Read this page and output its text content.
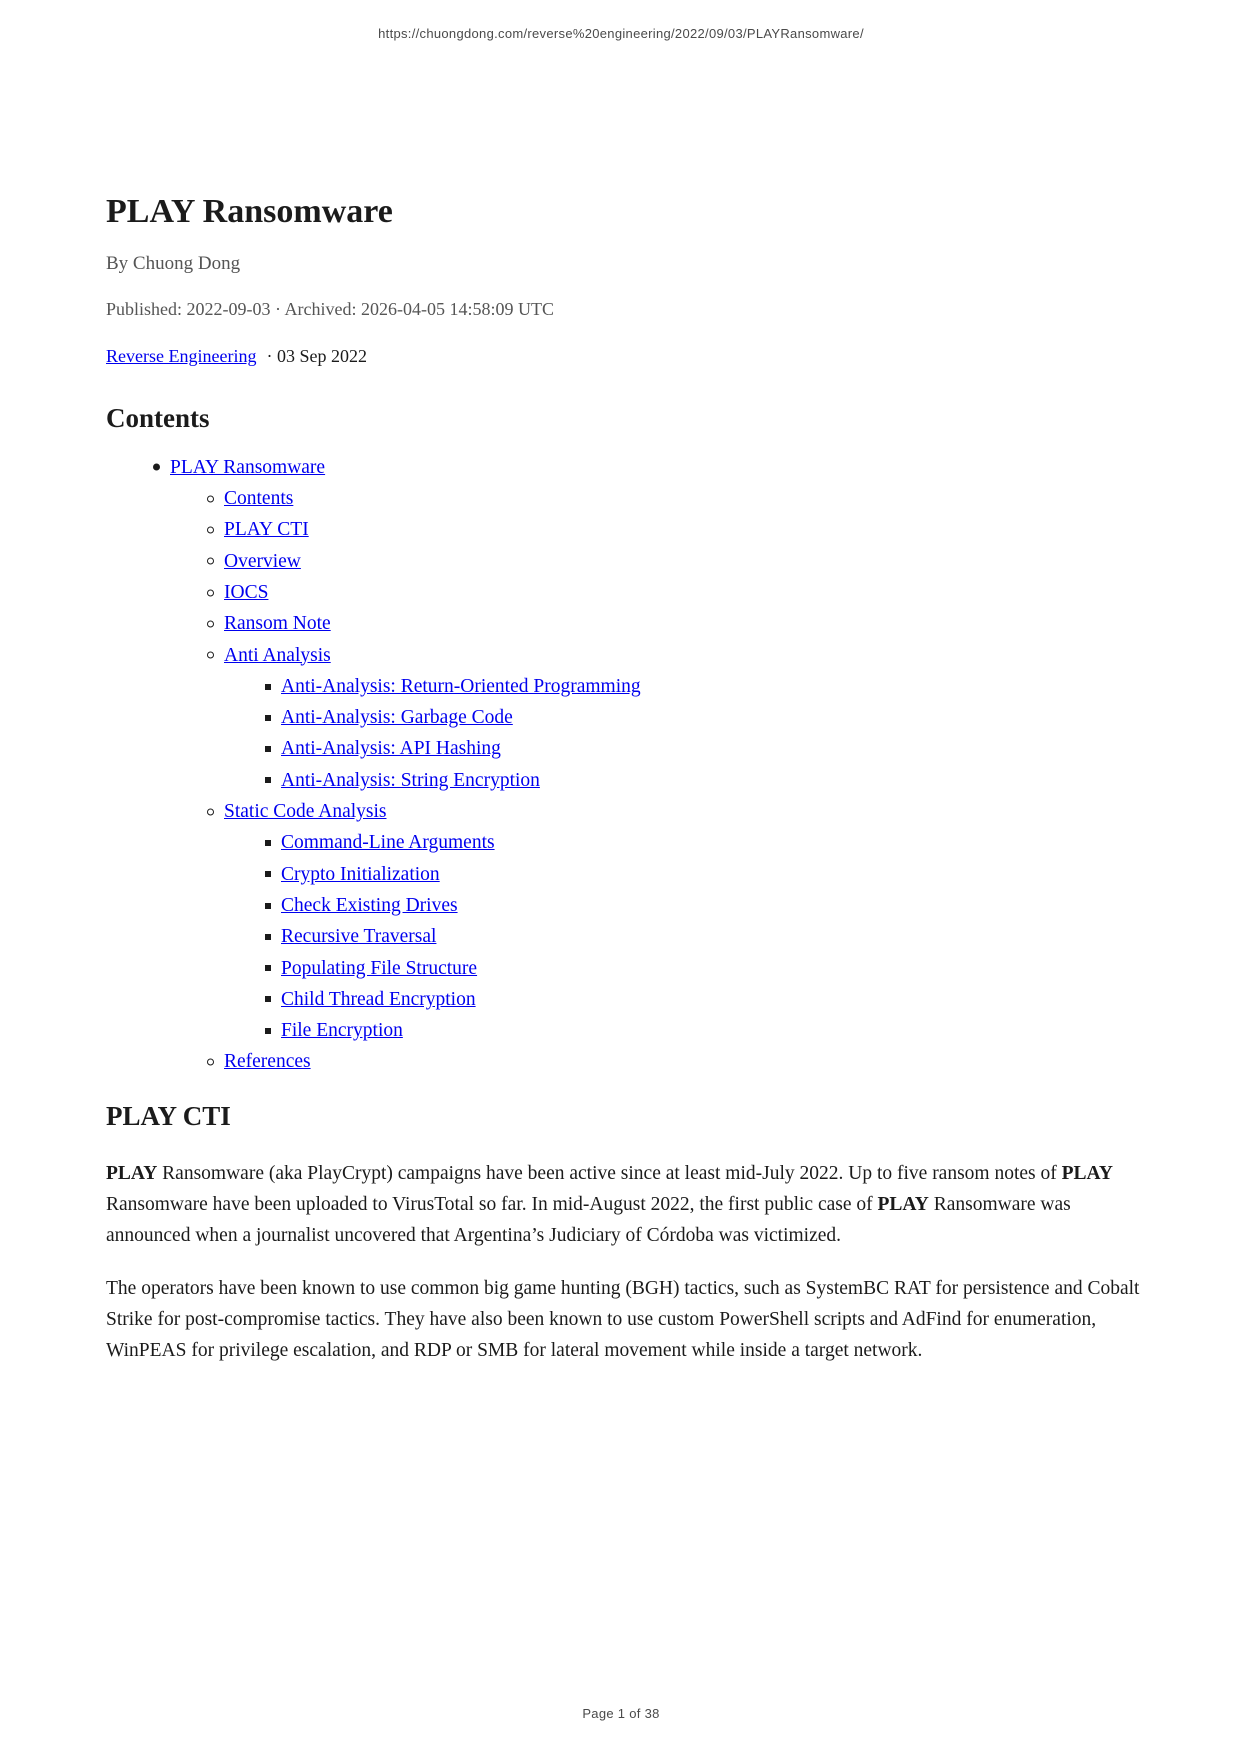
https://chuongdong.com/reverse%20engineering/2022/09/03/PLAYRansomware/
PLAY Ransomware

By Chuong Dong

Published: 2022-09-03 · Archived: 2026-04-05 14:58:09 UTC

Reverse Engineering · 03 Sep 2022

Contents
PLAY Ransomware
Contents
PLAY CTI
Overview
IOCS
Ransom Note
Anti Analysis
Anti-Analysis: Return-Oriented Programming
Anti-Analysis: Garbage Code
Anti-Analysis: API Hashing
Anti-Analysis: String Encryption
Static Code Analysis
Command-Line Arguments
Crypto Initialization
Check Existing Drives
Recursive Traversal
Populating File Structure
Child Thread Encryption
File Encryption
References
PLAY CTI

PLAY Ransomware (aka PlayCrypt) campaigns have been active since at least mid-July 2022. Up to five ransom notes of PLAY Ransomware have been uploaded to VirusTotal so far. In mid-August 2022, the first public case of PLAY Ransomware was announced when a journalist uncovered that Argentina’s Judiciary of Córdoba was victimized.

The operators have been known to use common big game hunting (BGH) tactics, such as SystemBC RAT for persistence and Cobalt Strike for post-compromise tactics. They have also been known to use custom PowerShell scripts and AdFind for enumeration, WinPEAS for privilege escalation, and RDP or SMB for lateral movement while inside a target network.

Page 1 of 38
